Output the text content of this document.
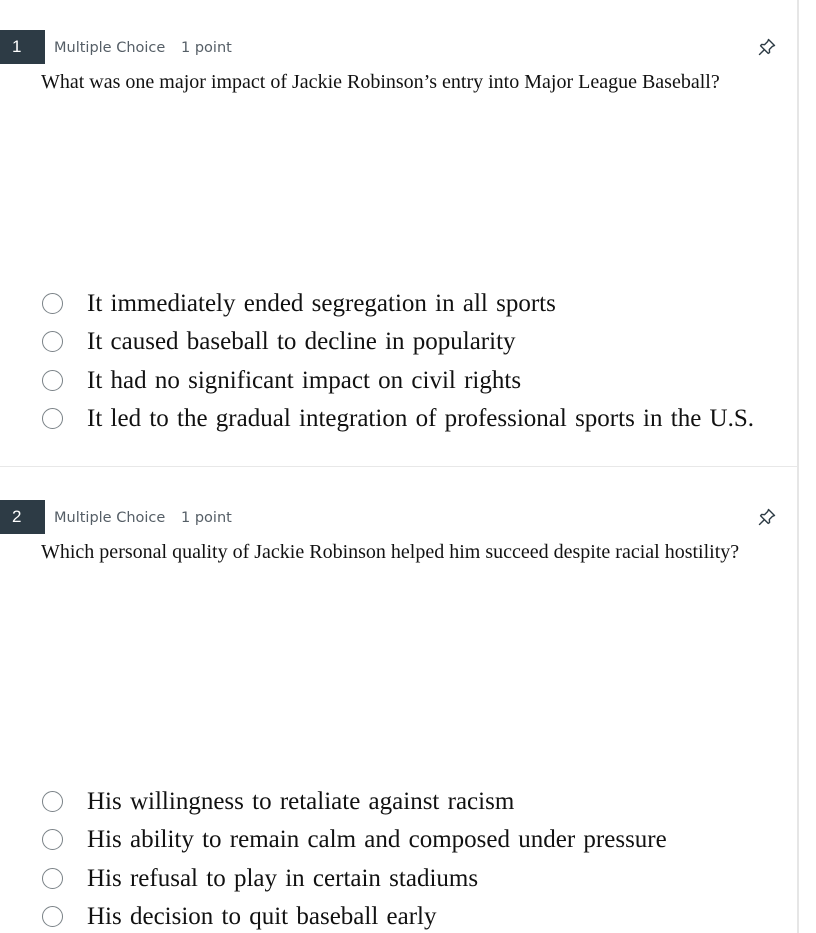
1	Multiple Choice 1 point
What was one major impact of Jackie Robinson’s entry into Major League Baseball?
It immediately ended segregation in all sports
It caused baseball to decline in popularity
It had no significant impact on civil rights
It led to the gradual integration of professional sports in the U.S.
2	Multiple Choice 1 point
Which personal quality of Jackie Robinson helped him succeed despite racial hostility?
His willingness to retaliate against racism
His ability to remain calm and composed under pressure
His refusal to play in certain stadiums
His decision to quit baseball early
